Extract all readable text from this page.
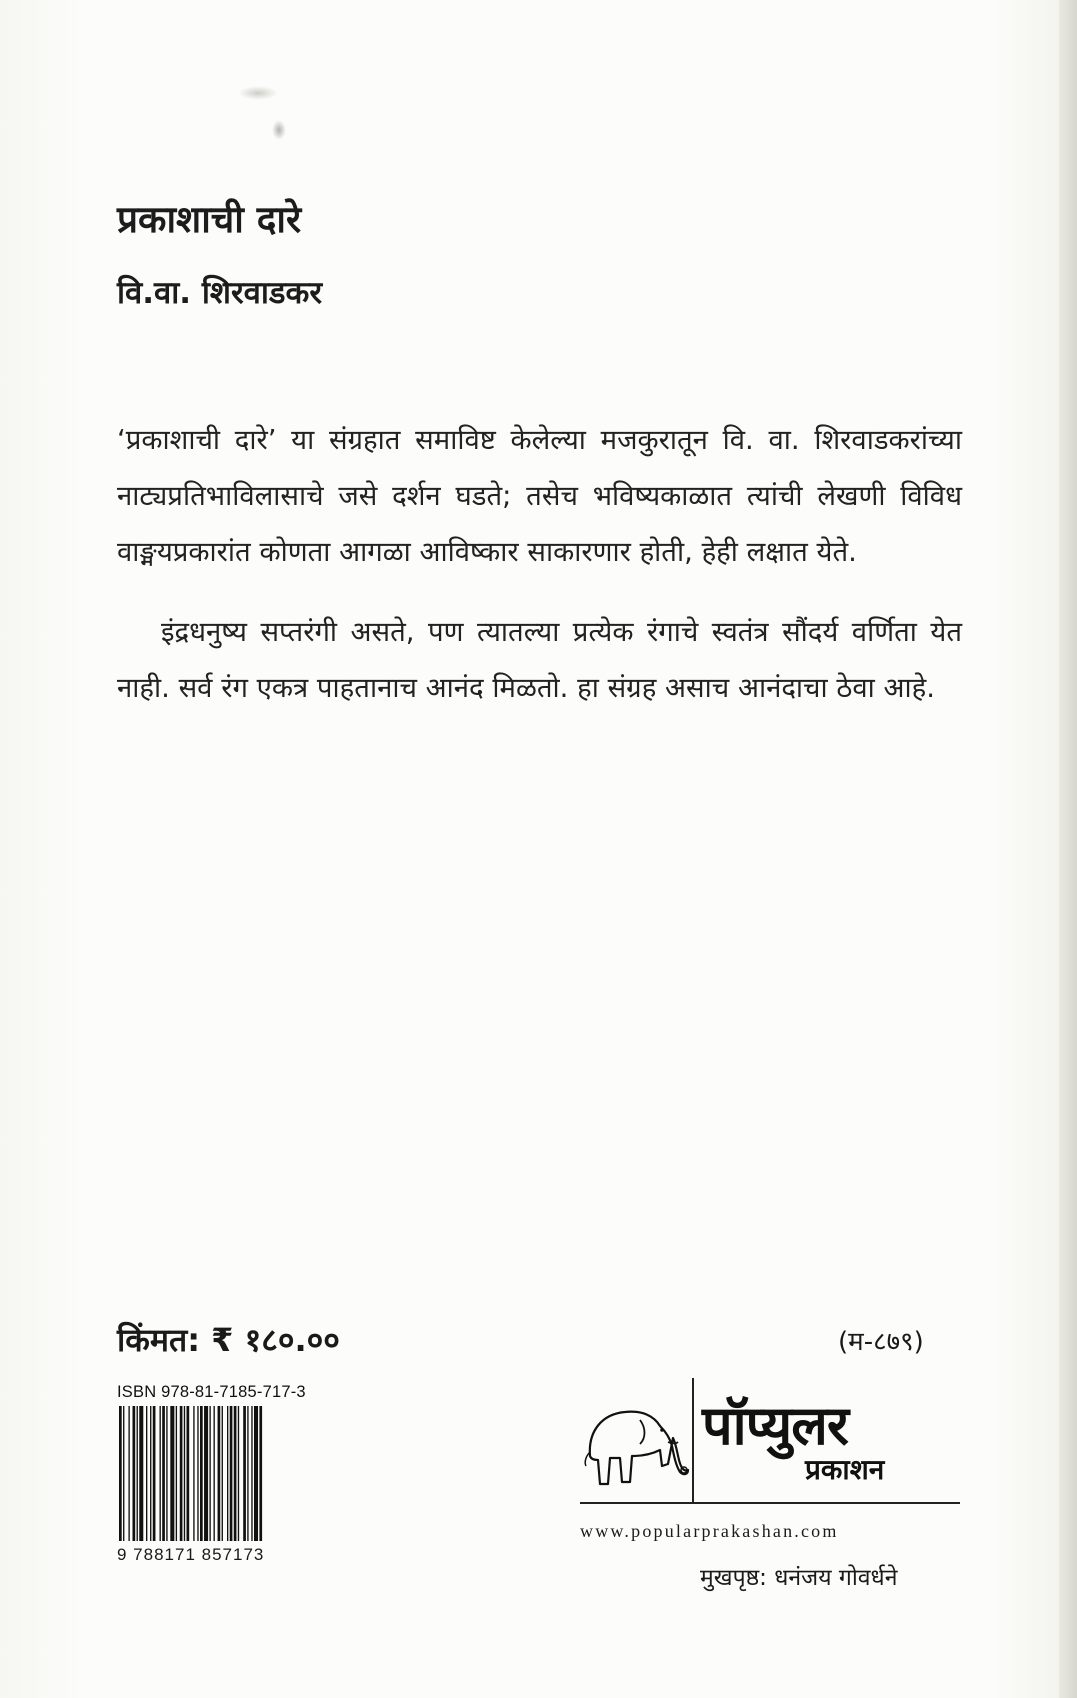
प्रकाशाची दारे
वि.वा. शिरवाडकर

‘प्रकाशाची दारे’ या संग्रहात समाविष्ट केलेल्या मजकुरातून वि. वा. शिरवाडकरांच्या नाट्यप्रतिभाविलासाचे जसे दर्शन घडते; तसेच भविष्यकाळात त्यांची लेखणी विविध वाङ्मयप्रकारांत कोणता आगळा आविष्कार साकारणार होती, हेही लक्षात येते.

इंद्रधनुष्य सप्तरंगी असते, पण त्यातल्या प्रत्येक रंगाचे स्वतंत्र सौंदर्य वर्णिता येत नाही. सर्व रंग एकत्र पाहतानाच आनंद मिळतो. हा संग्रह असाच आनंदाचा ठेवा आहे.

किंमत: ₹ १८०.००	(म-८७९)
ISBN 978-81-7185-717-3
9 788171 857173
पॉप्युलर
प्रकाशन
www.popularprakashan.com
मुखपृष्ठ: धनंजय गोवर्धने
